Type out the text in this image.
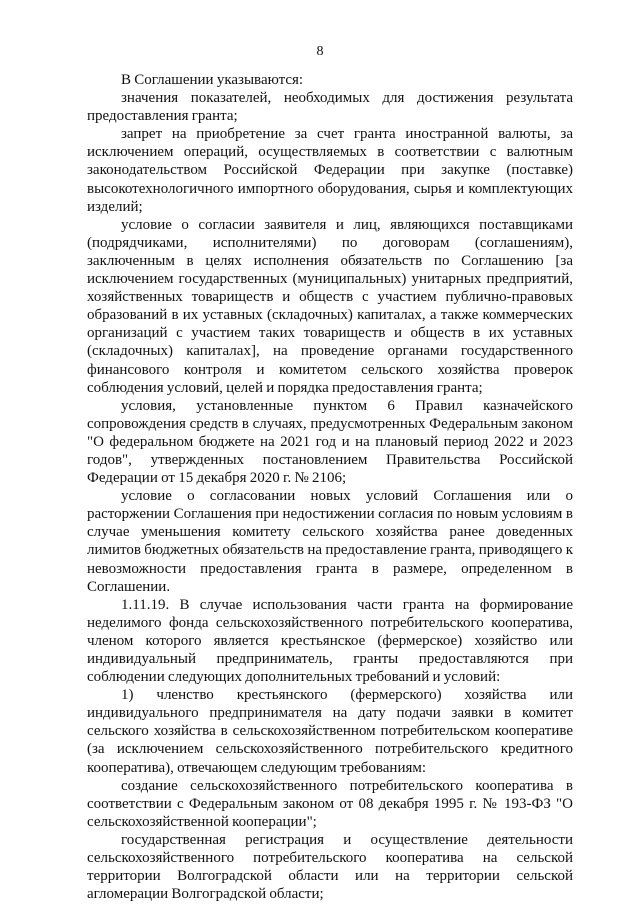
8

В Соглашении указываются:

значения показателей, необходимых для достижения результата предоставления гранта;

запрет на приобретение за счет гранта иностранной валюты, за исключением операций, осуществляемых в соответствии с валютным законодательством Российской Федерации при закупке (поставке) высокотехнологичного импортного оборудования, сырья и комплектующих изделий;

условие о согласии заявителя и лиц, являющихся поставщиками (подрядчиками, исполнителями) по договорам (соглашениям), заключенным в целях исполнения обязательств по Соглашению [за исключением государственных (муниципальных) унитарных предприятий, хозяйственных товариществ и обществ с участием публично-правовых образований в их уставных (складочных) капиталах, а также коммерческих организаций с участием таких товариществ и обществ в их уставных (складочных) капиталах], на проведение органами государственного финансового контроля и комитетом сельского хозяйства проверок соблюдения условий, целей и порядка предоставления гранта;

условия, установленные пунктом 6 Правил казначейского сопровождения средств в случаях, предусмотренных Федеральным законом "О федеральном бюджете на 2021 год и на плановый период 2022 и 2023 годов", утвержденных постановлением Правительства Российской Федерации от 15 декабря 2020 г. № 2106;

условие о согласовании новых условий Соглашения или о расторжении Соглашения при недостижении согласия по новым условиям в случае уменьшения комитету сельского хозяйства ранее доведенных лимитов бюджетных обязательств на предоставление гранта, приводящего к невозможности предоставления гранта в размере, определенном в Соглашении.

1.11.19. В случае использования части гранта на формирование неделимого фонда сельскохозяйственного потребительского кооператива, членом которого является крестьянское (фермерское) хозяйство или индивидуальный предприниматель, гранты предоставляются при соблюдении следующих дополнительных требований и условий:

1) членство крестьянского (фермерского) хозяйства или индивидуального предпринимателя на дату подачи заявки в комитет сельского хозяйства в сельскохозяйственном потребительском кооперативе (за исключением сельскохозяйственного потребительского кредитного кооператива), отвечающем следующим требованиям:

создание сельскохозяйственного потребительского кооператива в соответствии с Федеральным законом от 08 декабря 1995 г. № 193-ФЗ "О сельскохозяйственной кооперации";

государственная регистрация и осуществление деятельности сельскохозяйственного потребительского кооператива на сельской территории Волгоградской области или на территории сельской агломерации Волгоградской области;
